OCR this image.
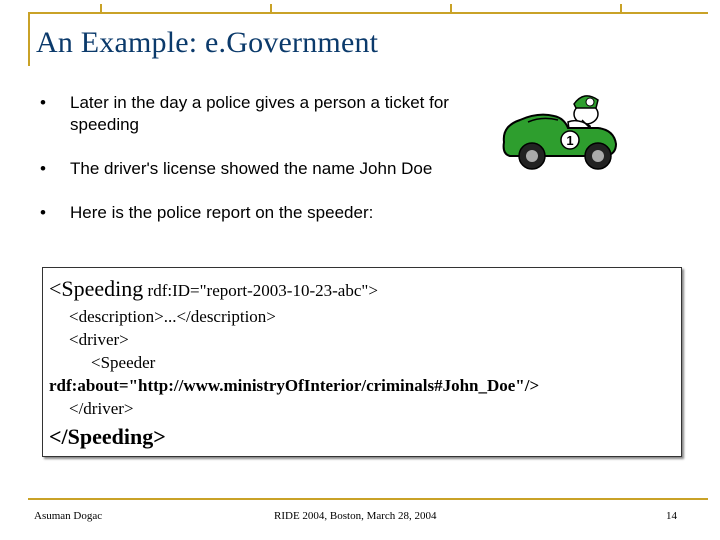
An Example: e.Government
• Later in the day a police gives a person a ticket for speeding
• The driver's license showed the name John Doe
• Here is the police report on the speeder:
1
<Speeding rdf:ID="report-2003-10-23-abc">
<description>...</description>
<driver>
<Speeder
rdf:about="http://www.ministryOfInterior/criminals#John_Doe"/>
</driver>
</Speeding>
Asuman Dogac	RIDE 2004, Boston, March 28, 2004	14
